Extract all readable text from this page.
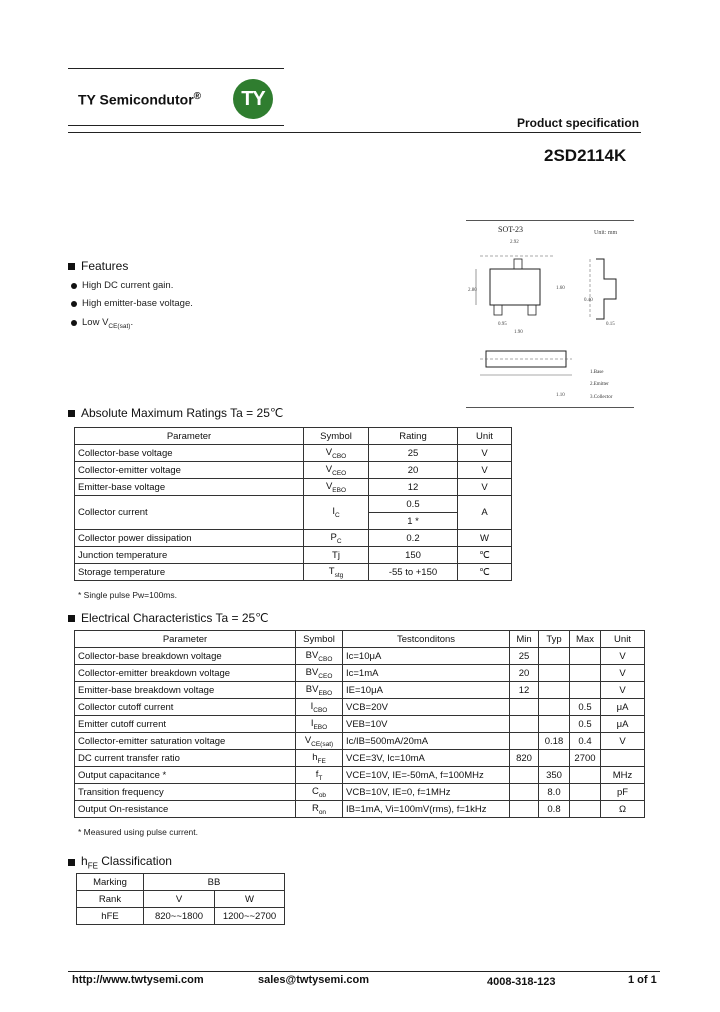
TY Semicondutor® TY
Product specification
2SD2114K
SOT-23	Unit: mm
2.92
2.80	1.60
0.95
1.90
0.40
0.15
1.10
1.Base
2.Emitter
3.Collector
Features
High DC current gain.
High emitter-base voltage.
Low $V_{CE(sat)}$.
Absolute Maximum Ratings Ta = 25℃
Parameter	Symbol	Rating	Unit
Collector-base voltage	$V_{CBO}$	25	V
Collector-emitter voltage	$V_{CEO}$	20	V
Emitter-base voltage	$V_{EBO}$	12	V
Collector current	$I_C$	0.5	A
		1 *	
Collector power dissipation	$P_C$	0.2	W
Junction temperature	Tj	150	℃
Storage temperature	$T_{stg}$	-55 to +150	℃
* Single pulse Pw=100ms.
Electrical Characteristics Ta = 25℃
Parameter	Symbol	Testconditons	Min	Typ	Max	Unit
Collector-base breakdown voltage	$BV_{CBO}$	Ic=10μA	25			V
Collector-emitter breakdown voltage	$BV_{CEO}$	Ic=1mA	20			V
Emitter-base breakdown voltage	$BV_{EBO}$	IE=10μA	12			V
Collector cutoff current	$I_{CBO}$	VCB=20V			0.5	μA
Emitter cutoff current	$I_{EBO}$	VEB=10V			0.5	μA
Collector-emitter saturation voltage	$V_{CE(sat)}$	Ic/IB=500mA/20mA		0.18	0.4	V
DC current transfer ratio	$h_{FE}$	VCE=3V, Ic=10mA	820		2700	
Output capacitance *	$f_T$	VCE=10V, IE=-50mA, f=100MHz		350		MHz
Transition frequency	$C_{ob}$	VCB=10V, IE=0, f=1MHz		8.0		pF
Output On-resistance	$R_{on}$	IB=1mA, Vi=100mV(rms), f=1kHz		0.8		Ω
* Measured using pulse current.
$h_{FE}$ Classification
Marking	BB	
Rank	V	W
hFE	820~~1800	1200~~2700
http://www.twtysemi.com	sales@twtysemi.com	4008-318-123	1 of 1
